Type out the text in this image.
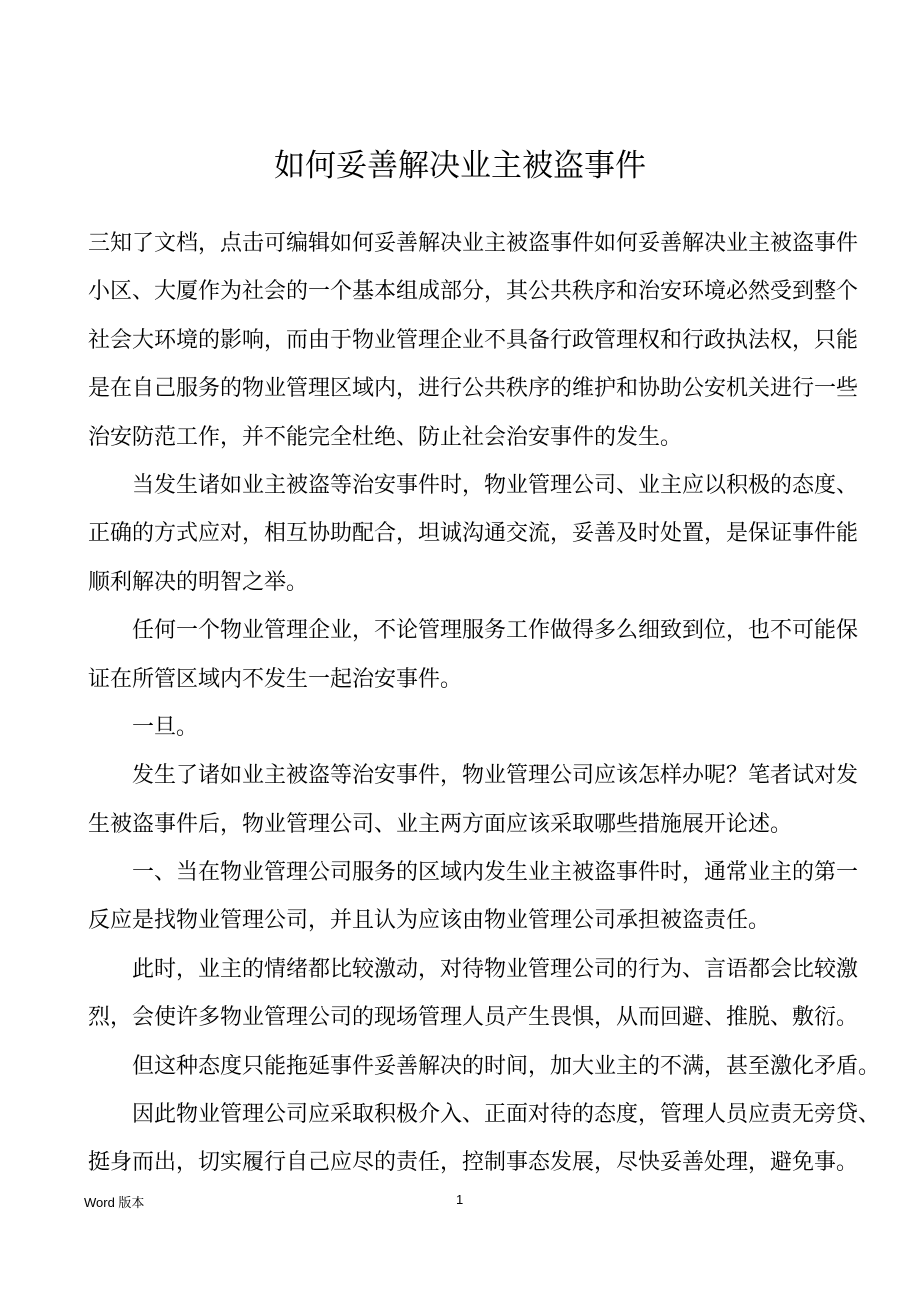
如何妥善解决业主被盗事件
三知了文档，点击可编辑如何妥善解决业主被盗事件如何妥善解决业主被盗事件
小区、大厦作为社会的一个基本组成部分，其公共秩序和治安环境必然受到整个
社会大环境的影响，而由于物业管理企业不具备行政管理权和行政执法权，只能
是在自己服务的物业管理区域内，进行公共秩序的维护和协助公安机关进行一些
治安防范工作，并不能完全杜绝、防止社会治安事件的发生。
当发生诸如业主被盗等治安事件时，物业管理公司、业主应以积极的态度、
正确的方式应对，相互协助配合，坦诚沟通交流，妥善及时处置，是保证事件能
顺利解决的明智之举。
任何一个物业管理企业，不论管理服务工作做得多么细致到位，也不可能保
证在所管区域内不发生一起治安事件。
一旦。
发生了诸如业主被盗等治安事件，物业管理公司应该怎样办呢？笔者试对发
生被盗事件后，物业管理公司、业主两方面应该采取哪些措施展开论述。
一、当在物业管理公司服务的区域内发生业主被盗事件时，通常业主的第一
反应是找物业管理公司，并且认为应该由物业管理公司承担被盗责任。
此时，业主的情绪都比较激动，对待物业管理公司的行为、言语都会比较激
烈，会使许多物业管理公司的现场管理人员产生畏惧，从而回避、推脱、敷衍。
但这种态度只能拖延事件妥善解决的时间，加大业主的不满，甚至激化矛盾。
因此物业管理公司应采取积极介入、正面对待的态度，管理人员应责无旁贷、
挺身而出，切实履行自己应尽的责任，控制事态发展，尽快妥善处理，避免事。
Word 版本	1
